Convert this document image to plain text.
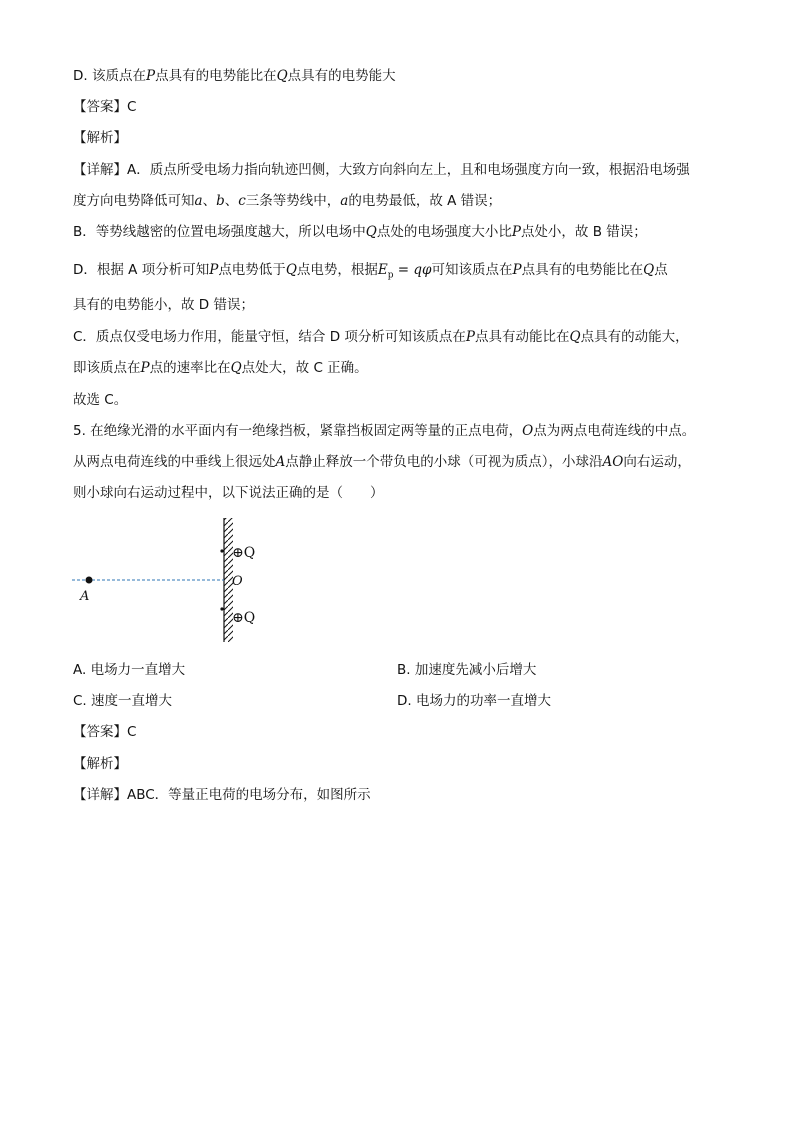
D. 该质点在P点具有的电势能比在Q点具有的电势能大
【答案】C
【解析】
【详解】A．质点所受电场力指向轨迹凹侧，大致方向斜向左上，且和电场强度方向一致，根据沿电场强
度方向电势降低可知a、b、c三条等势线中，a的电势最低，故 A 错误；
B．等势线越密的位置电场强度越大，所以电场中Q点处的电场强度大小比P点处小，故 B 错误；
D．根据 A 项分析可知P点电势低于Q点电势，根据$E_p = q\varphi$可知该质点在P点具有的电势能比在Q点
具有的电势能小，故 D 错误；
C．质点仅受电场力作用，能量守恒，结合 D 项分析可知该质点在P点具有动能比在Q点具有的动能大，
即该质点在P点的速率比在Q点处大，故 C 正确。
故选 C。
5. 在绝缘光滑的水平面内有一绝缘挡板，紧靠挡板固定两等量的正点电荷，O点为两点电荷连线的中点。
从两点电荷连线的中垂线上很远处A点静止释放一个带负电的小球（可视为质点），小球沿AO向右运动，
则小球向右运动过程中，以下说法正确的是（　　）
A
⊕Q
O
⊕Q
A. 电场力一直增大	B. 加速度先减小后增大
C. 速度一直增大	D. 电场力的功率一直增大
【答案】C
【解析】
【详解】ABC．等量正电荷的电场分布，如图所示
